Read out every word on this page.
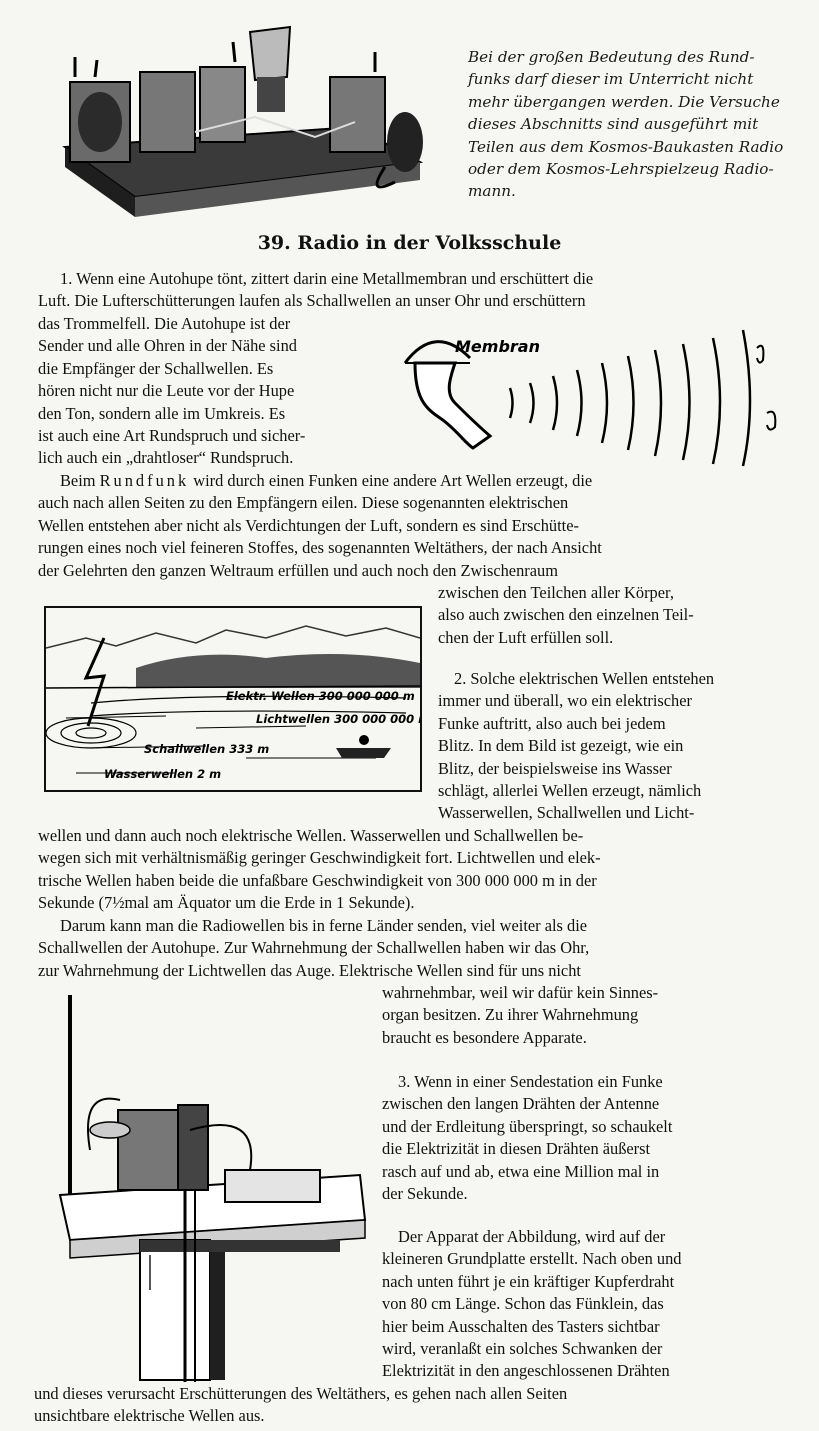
Bei der großen Bedeutung des Rund-
funks darf dieser im Unterricht nicht
mehr übergangen werden. Die Versuche
dieses Abschnitts sind ausgeführt mit
Teilen aus dem Kosmos-Baukasten Radio
oder dem Kosmos-Lehrspielzeug Radio-
mann.
39. Radio in der Volksschule
1. Wenn eine Autohupe tönt, zittert darin eine Metallmembran und erschüttert die
Luft. Die Lufterschütterungen laufen als Schallwellen an unser Ohr und erschüttern
das Trommelfell. Die Autohupe ist der
Sender und alle Ohren in der Nähe sind
die Empfänger der Schallwellen. Es
hören nicht nur die Leute vor der Hupe
den Ton, sondern alle im Umkreis. Es
ist auch eine Art Rundspruch und sicher-
lich auch ein „drahtloser“ Rundspruch.
Membran
Beim Rundfunk wird durch einen Funken eine andere Art Wellen erzeugt, die
auch nach allen Seiten zu den Empfängern eilen. Diese sogenannten elektrischen
Wellen entstehen aber nicht als Verdichtungen der Luft, sondern es sind Erschütte-
rungen eines noch viel feineren Stoffes, des sogenannten Weltäthers, der nach Ansicht
der Gelehrten den ganzen Weltraum erfüllen und auch noch den Zwischenraum
zwischen den Teilchen aller Körper,
also auch zwischen den einzelnen Teil-
chen der Luft erfüllen soll.
Elektr. Wellen 300 000 000 m
Lichtwellen 300 000 000 m
Schallwellen 333 m
Wasserwellen 2 m
2. Solche elektrischen Wellen entstehen
immer und überall, wo ein elektrischer
Funke auftritt, also auch bei jedem
Blitz. In dem Bild ist gezeigt, wie ein
Blitz, der beispielsweise ins Wasser
schlägt, allerlei Wellen erzeugt, nämlich
Wasserwellen, Schallwellen und Licht-
wellen und dann auch noch elektrische Wellen. Wasserwellen und Schallwellen be-
wegen sich mit verhältnismäßig geringer Geschwindigkeit fort. Lichtwellen und elek-
trische Wellen haben beide die unfaßbare Geschwindigkeit von 300 000 000 m in der
Sekunde (7½mal am Äquator um die Erde in 1 Sekunde).
Darum kann man die Radiowellen bis in ferne Länder senden, viel weiter als die
Schallwellen der Autohupe. Zur Wahrnehmung der Schallwellen haben wir das Ohr,
zur Wahrnehmung der Lichtwellen das Auge. Elektrische Wellen sind für uns nicht
wahrnehmbar, weil wir dafür kein Sinnes-
organ besitzen. Zu ihrer Wahrnehmung
braucht es besondere Apparate.
3. Wenn in einer Sendestation ein Funke
zwischen den langen Drähten der Antenne
und der Erdleitung überspringt, so schaukelt
die Elektrizität in diesen Drähten äußerst
rasch auf und ab, etwa eine Million mal in
der Sekunde.
Der Apparat der Abbildung, wird auf der
kleineren Grundplatte erstellt. Nach oben und
nach unten führt je ein kräftiger Kupferdraht
von 80 cm Länge. Schon das Fünklein, das
hier beim Ausschalten des Tasters sichtbar
wird, veranlaßt ein solches Schwanken der
Elektrizität in den angeschlossenen Drähten
und dieses verursacht Erschütterungen des Weltäthers, es gehen nach allen Seiten
unsichtbare elektrische Wellen aus.
